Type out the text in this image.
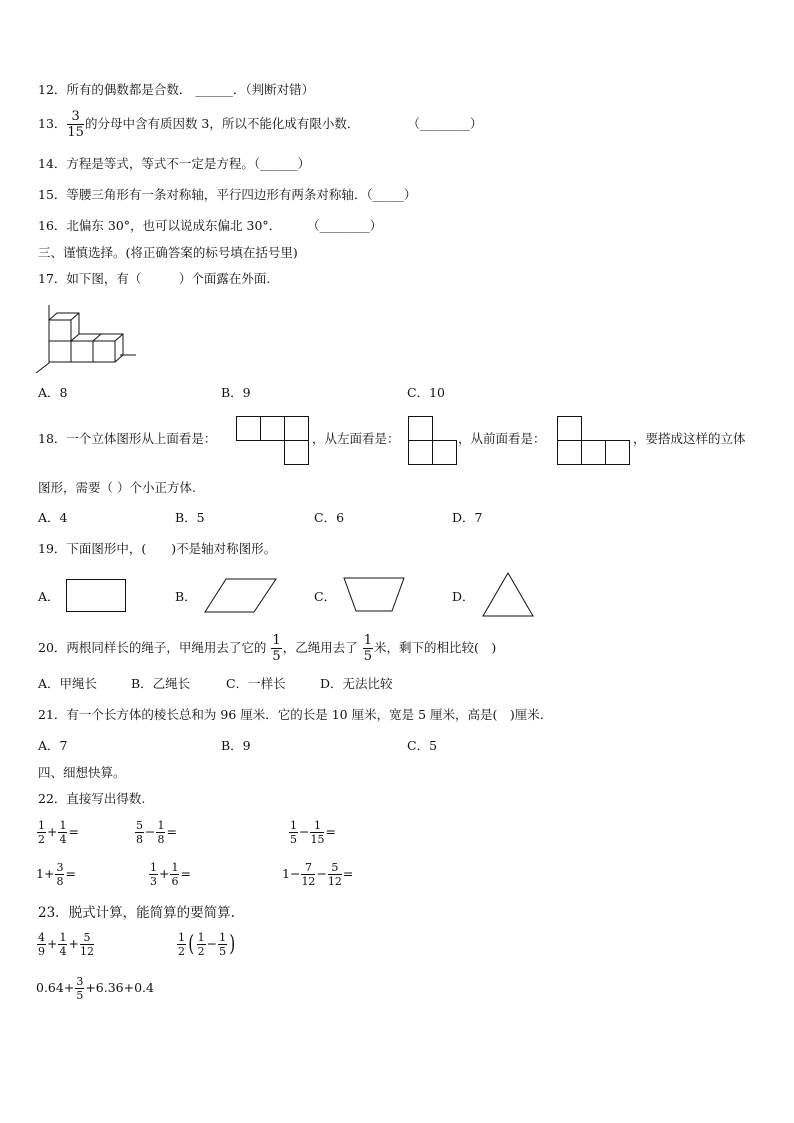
12．所有的偶数都是合数． ______．（判断对错）
13． $\frac{3}{15}$ 的分母中含有质因数 3，所以不能化成有限小数．	（________）
14．方程是等式，等式不一定是方程。（______）
15．等腰三角形有一条对称轴，平行四边形有两条对称轴．（_____）
16．北偏东 30°，也可以说成东偏北 30°． （________）
三、谨慎选择。(将正确答案的标号填在括号里)
17．如下图，有（　　　）个面露在外面.
A．8	B．9	C．10
18．一个立体图形从上面看是：	，从左面看是：	，从前面看是：	，要搭成这样的立体
图形，需要（ ）个小正方体.
A．4	B．5	C．6	D．7
19．下面图形中，(　　)不是轴对称图形。
A．	B．	C．	D．
20．两根同样长的绳子，甲绳用去了它的 $\frac{1}{5}$ ，乙绳用去了 $\frac{1}{5}$ 米，剩下的相比较(　)
A．甲绳长	B．乙绳长	C．一样长	D．无法比较
21．有一个长方体的棱长总和为 96 厘米．它的长是 10 厘米，宽是 5 厘米，高是(　)厘米.
A．7	B．9	C．5
四、细想快算。
22．直接写出得数.
$\frac{1}{2} + \frac{1}{4}$ =	$\frac{5}{8} - \frac{1}{8}$ =	$\frac{1}{5} - \frac{1}{15}$ =
$1+ \frac{3}{8}$ =	$\frac{1}{3} + \frac{1}{6}$ =	$1- \frac{7}{12} - \frac{5}{12}$ =
23．脱式计算，能简算的要简算.
$\frac{4}{9} + \frac{1}{4} + \frac{5}{12}$	$\frac{1}{2}$ ( $\frac{1}{2} - \frac{1}{5}$ )
$0.64+ \frac{3}{5} +6.36+0.4$
